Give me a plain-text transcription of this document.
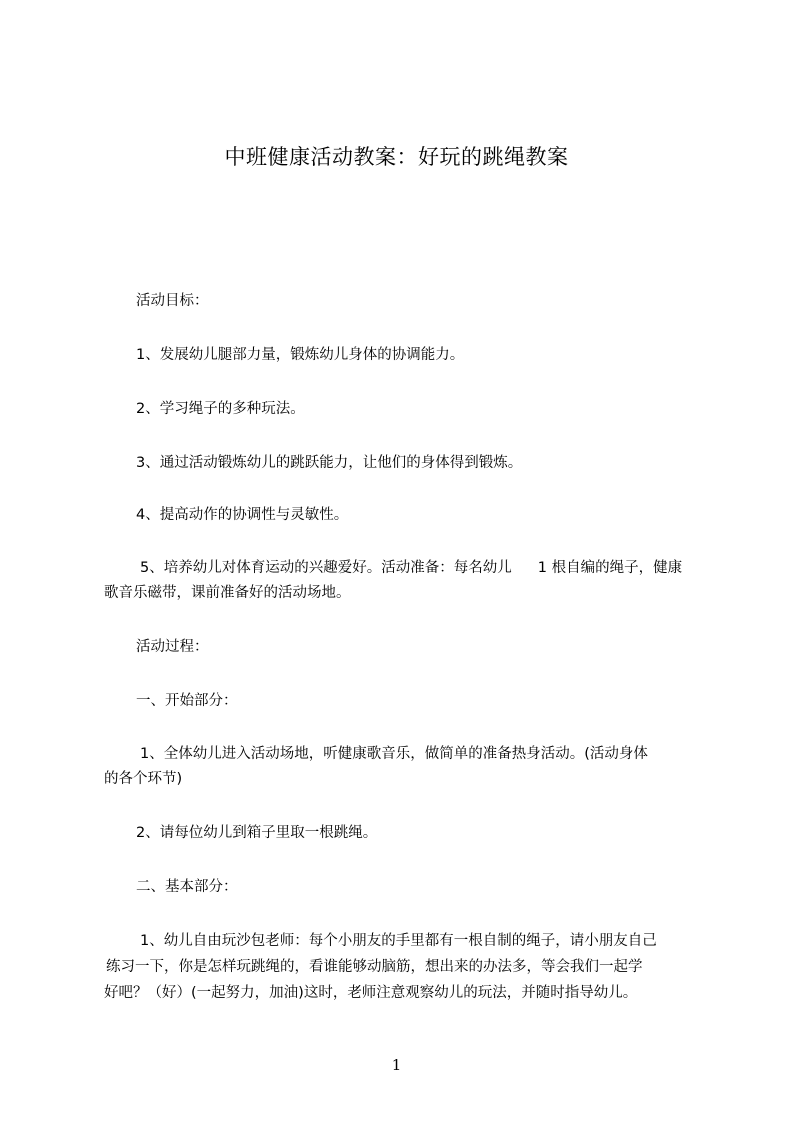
中班健康活动教案：好玩的跳绳教案
活动目标：
1、发展幼儿腿部力量，锻炼幼儿身体的协调能力。
2、学习绳子的多种玩法。
3、通过活动锻炼幼儿的跳跃能力，让他们的身体得到锻炼。
4、提高动作的协调性与灵敏性。
5、培养幼儿对体育运动的兴趣爱好。活动准备：每名幼儿 1 根自编的绳子，健康
歌音乐磁带，课前准备好的活动场地。
活动过程：
一、开始部分：
1、全体幼儿进入活动场地，听健康歌音乐，做简单的准备热身活动。(活动身体
的各个环节)
2、请每位幼儿到箱子里取一根跳绳。
二、基本部分：
1、幼儿自由玩沙包老师：每个小朋友的手里都有一根自制的绳子，请小朋友自己
练习一下，你是怎样玩跳绳的，看谁能够动脑筋，想出来的办法多，等会我们一起学
好吧？（好）(一起努力，加油)这时，老师注意观察幼儿的玩法，并随时指导幼儿。
1
